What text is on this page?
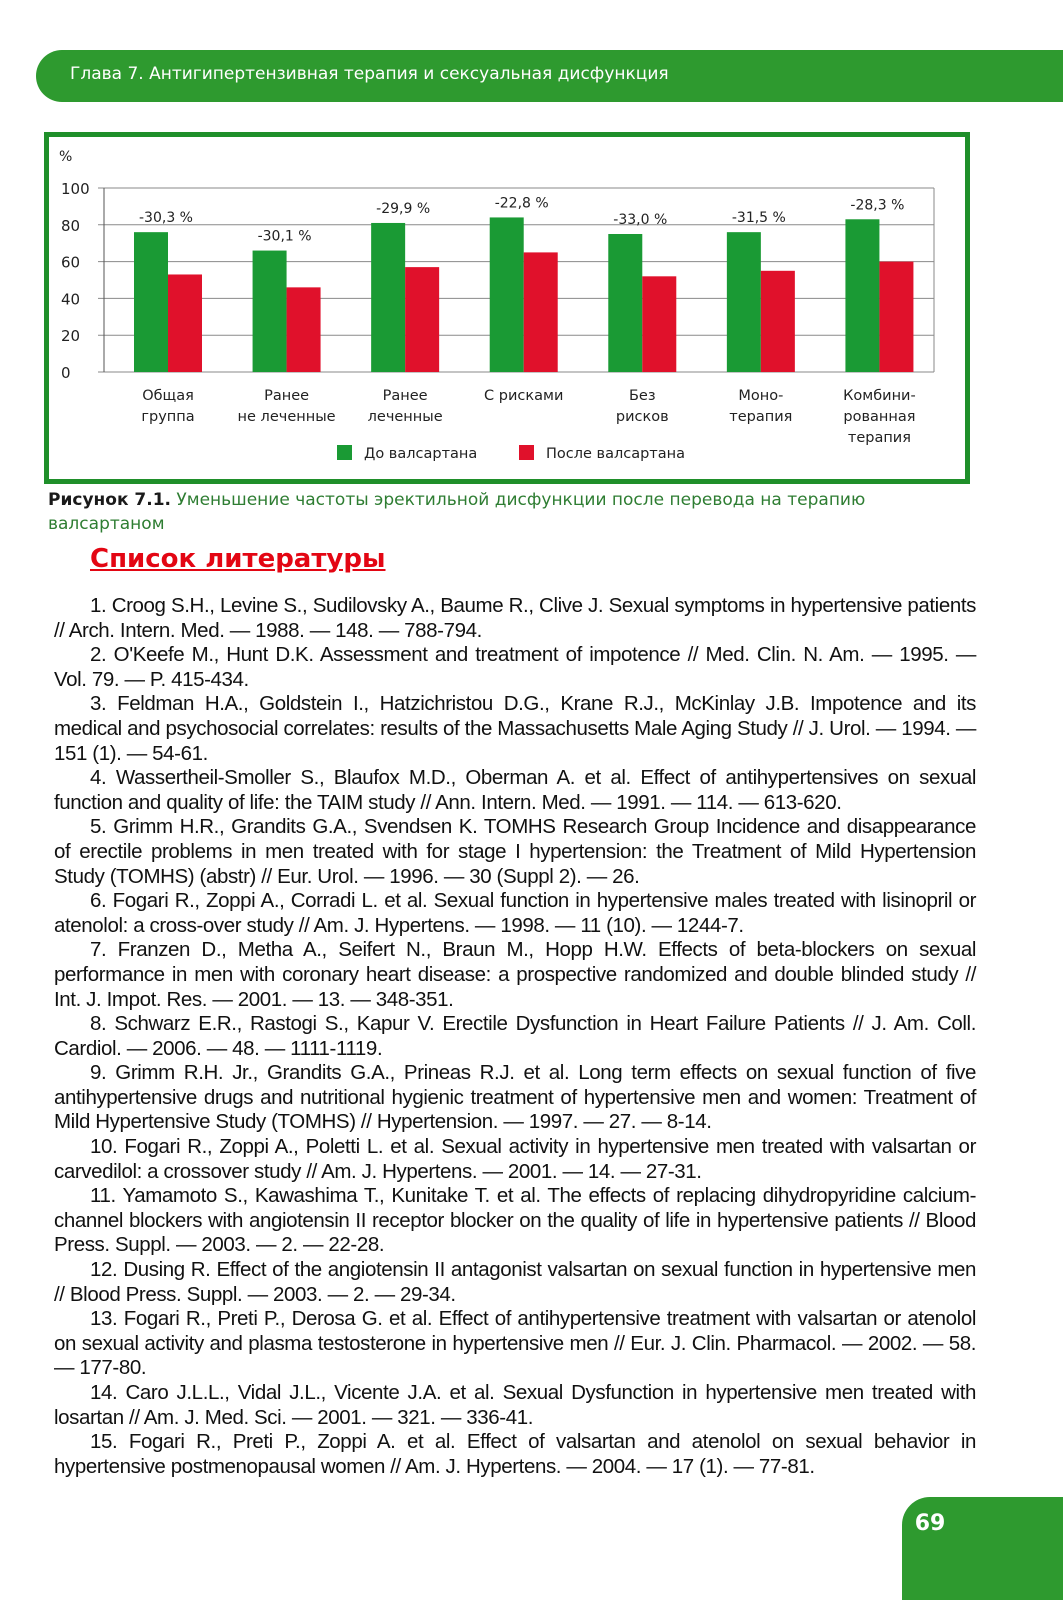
Глава 7. Антигипертензивная терапия и сексуальная дисфункция
100
80
60
40
20
0
%
-30,3 %
Общая
группа
-30,1 %
Ранее
не леченные
-29,9 %
Ранее
леченные
-22,8 %
С рисками
-33,0 %
Без
рисков
-31,5 %
Моно-
терапия
-28,3 %
Комбини-
рованная
терапия
До валсартана	После валсартана
Рисунок 7.1. Уменьшение частоты эректильной дисфункции после перевода на терапию валсартаном
Список литературы

1. Croog S.H., Levine S., Sudilovsky A., Baume R., Clive J. Sexual symptoms in hypertensive patients // Arch. Intern. Med. — 1988. — 148. — 788-794.

2. O'Keefe M., Hunt D.K. Assessment and treatment of impotence // Med. Clin. N. Am. — 1995. — Vol. 79. — P. 415-434.

3. Feldman H.A., Goldstein I., Hatzichristou D.G., Krane R.J., McKinlay J.B. Impotence and its medical and psychosocial correlates: results of the Massachusetts Male Aging Study // J. Urol. — 1994. — 151 (1). — 54-61.

4. Wassertheil-Smoller S., Blaufox M.D., Oberman A. et al. Effect of antihypertensives on sexual function and quality of life: the TAIM study // Ann. Intern. Med. — 1991. — 114. — 613-620.

5. Grimm H.R., Grandits G.A., Svendsen K. TOMHS Research Group Incidence and disappearance of erectile problems in men treated with for stage I hypertension: the Treatment of Mild Hypertension Study (TOMHS) (abstr) // Eur. Urol. — 1996. — 30 (Suppl 2). — 26.

6. Fogari R., Zoppi A., Corradi L. et al. Sexual function in hypertensive males treated with lisinopril or atenolol: a cross-over study // Am. J. Hypertens. — 1998. — 11 (10). — 1244-7.

7. Franzen D., Metha A., Seifert N., Braun M., Hopp H.W. Effects of beta-blockers on sexual performance in men with coronary heart disease: a prospective randomized and double blinded study // Int. J. Impot. Res. — 2001. — 13. — 348-351.

8. Schwarz E.R., Rastogi S., Kapur V. Erectile Dysfunction in Heart Failure Patients // J. Am. Coll. Cardiol. — 2006. — 48. — 1111-1119.

9. Grimm R.H. Jr., Grandits G.A., Prineas R.J. et al. Long term effects on sexual function of five antihypertensive drugs and nutritional hygienic treatment of hypertensive men and women: Treatment of Mild Hypertensive Study (TOMHS) // Hypertension. — 1997. — 27. — 8-14.

10. Fogari R., Zoppi A., Poletti L. et al. Sexual activity in hypertensive men treated with valsartan or carvedilol: a crossover study // Am. J. Hypertens. — 2001. — 14. — 27-31.

11. Yamamoto S., Kawashima T., Kunitake T. et al. The effects of replacing dihydropyridine calcium-channel blockers with angiotensin II receptor blocker on the quality of life in hypertensive patients // Blood Press. Suppl. — 2003. — 2. — 22-28.

12. Dusing R. Effect of the angiotensin II antagonist valsartan on sexual function in hypertensive men // Blood Press. Suppl. — 2003. — 2. — 29-34.

13. Fogari R., Preti P., Derosa G. et al. Effect of antihypertensive treatment with valsartan or atenolol on sexual activity and plasma testosterone in hypertensive men // Eur. J. Clin. Pharmacol. — 2002. — 58. — 177-80.

14. Caro J.L.L., Vidal J.L., Vicente J.A. et al. Sexual Dysfunction in hypertensive men treated with losartan // Am. J. Med. Sci. — 2001. — 321. — 336-41.

15. Fogari R., Preti P., Zoppi A. et al. Effect of valsartan and atenolol on sexual behavior in hypertensive postmenopausal women // Am. J. Hypertens. — 2004. — 17 (1). — 77-81.

69
